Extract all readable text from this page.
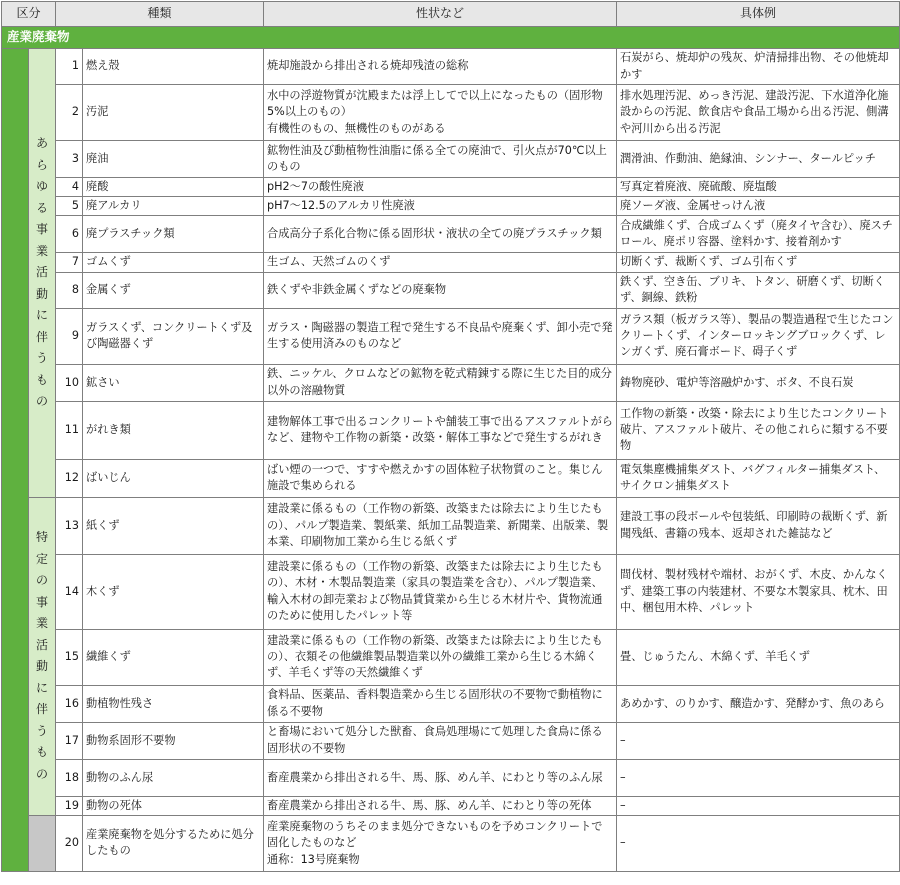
区分		種類		性状など	具体例
産業廃棄物					
	あらゆる事業活動に伴うもの	1	燃え殻	焼却施設から排出される焼却残渣の総称	石炭がら、焼却炉の残灰、炉清掃排出物、その他焼却かす
		2	汚泥	水中の浮遊物質が沈殿または浮上してで以上になったもの（固形物5%以上のもの）
有機性のもの、無機性のものがある	排水処理汚泥、めっき汚泥、建設汚泥、下水道浄化施設からの汚泥、飲食店や食品工場から出る汚泥、側溝や河川から出る汚泥
		3	廃油	鉱物性油及び動植物性油脂に係る全ての廃油で、引火点が70℃以上のもの	潤滑油、作動油、絶縁油、シンナー、タールピッチ
		4	廃酸	pH2〜7の酸性廃液	写真定着廃液、廃硫酸、廃塩酸
		5	廃アルカリ	pH7〜12.5のアルカリ性廃液	廃ソーダ液、金属せっけん液
		6	廃プラスチック類	合成高分子系化合物に係る固形状・液状の全ての廃プラスチック類	合成繊維くず、合成ゴムくず（廃タイヤ含む）、廃スチロール、廃ポリ容器、塗料かす、接着剤かす
		7	ゴムくず	生ゴム、天然ゴムのくず	切断くず、裁断くず、ゴム引布くず
		8	金属くず	鉄くずや非鉄金属くずなどの廃棄物	鉄くず、空き缶、ブリキ、トタン、研磨くず、切断くず、銅線、鉄粉
		9	ガラスくず、コンクリートくず及び陶磁器くず	ガラス・陶磁器の製造工程で発生する不良品や廃棄くず、卸小売で発生する使用済みのものなど	ガラス類（板ガラス等）、製品の製造過程で生じたコンクリートくず、インターロッキングブロックくず、レンガくず、廃石膏ボード、碍子くず
		10	鉱さい	鉄、ニッケル、クロムなどの鉱物を乾式精錬する際に生じた目的成分以外の溶融物質	鋳物廃砂、電炉等溶融炉かす、ボタ、不良石炭
		11	がれき類	建物解体工事で出るコンクリートや舗装工事で出るアスファルトがらなど、建物や工作物の新築・改築・解体工事などで発生するがれき	工作物の新築・改築・除去により生じたコンクリート破片、アスファルト破片、その他これらに類する不要物
		12	ばいじん	ばい煙の一つで、すすや燃えかすの固体粒子状物質のこと。集じん施設で集められる	電気集塵機捕集ダスト、バグフィルター捕集ダスト、サイクロン捕集ダスト
	特定の事業活動に伴うもの	13	紙くず	建設業に係るもの（工作物の新築、改築または除去により生じたもの）、パルプ製造業、製紙業、紙加工品製造業、新聞業、出版業、製本業、印刷物加工業から生じる紙くず	建設工事の段ボールや包装紙、印刷時の裁断くず、新聞残紙、書籍の残本、返却された雑誌など
		14	木くず	建設業に係るもの（工作物の新築、改築または除去により生じたもの）、木材・木製品製造業（家具の製造業を含む）、パルプ製造業、輸入木材の卸売業および物品賃貸業から生じる木材片や、貨物流通のために使用したパレット等	間伐材、製材残材や端材、おがくず、木皮、かんなくず、建築工事の内装建材、不要な木製家具、枕木、田中、梱包用木枠、パレット
		15	繊維くず	建設業に係るもの（工作物の新築、改築または除去により生じたもの）、衣類その他繊維製品製造業以外の繊維工業から生じる木綿くず、羊毛くず等の天然繊維くず	畳、じゅうたん、木綿くず、羊毛くず
		16	動植物性残さ	食料品、医薬品、香料製造業から生じる固形状の不要物で動植物に係る不要物	あめかす、のりかす、醸造かす、発酵かす、魚のあら
		17	動物系固形不要物	と畜場において処分した獣畜、食鳥処理場にて処理した食鳥に係る固形状の不要物	–
		18	動物のふん尿	畜産農業から排出される牛、馬、豚、めん羊、にわとり等のふん尿	–
		19	動物の死体	畜産農業から排出される牛、馬、豚、めん羊、にわとり等の死体	–
		20	産業廃棄物を処分するために処分したもの	産業廃棄物のうちそのまま処分できないものを予めコンクリートで固化したものなど
通称：13号廃棄物	–
